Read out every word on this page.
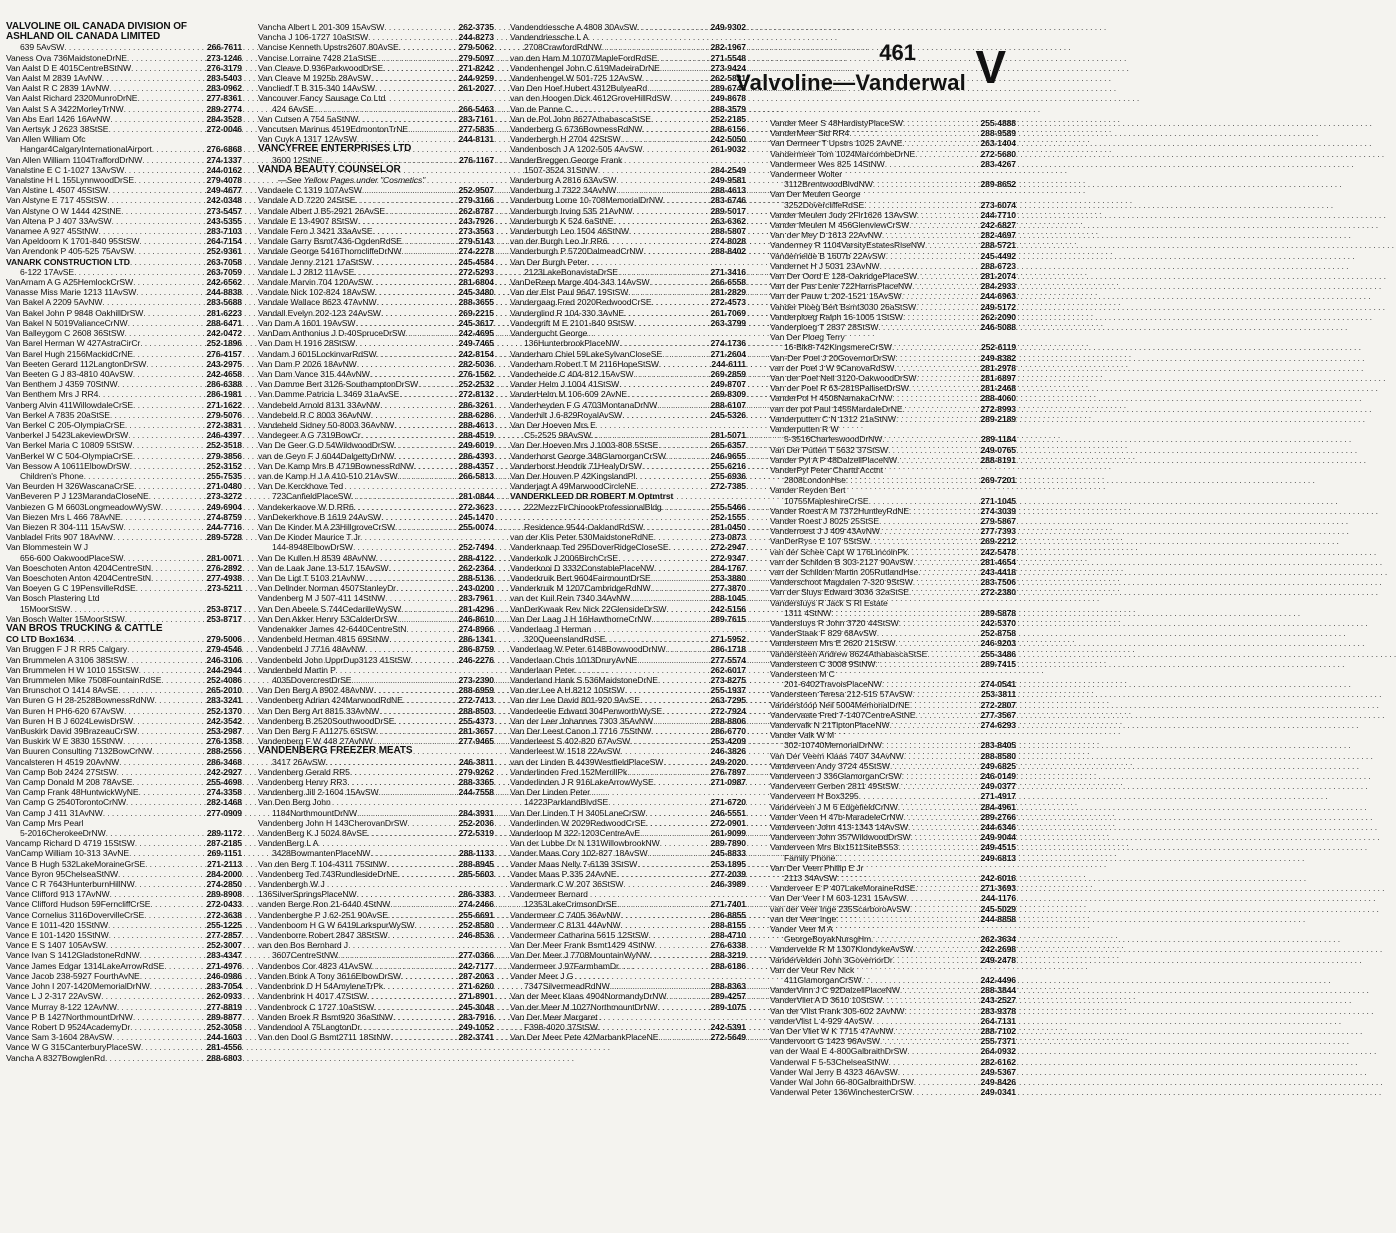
461
Valvoline—Vanderwal V
VALVOLINE OIL CANADA DIVISION OF
ASHLAND OIL CANADA LIMITED
639 5AvSW . . .	266-7611
Vaness Ova 736MaidstoneDrNE . . .	273-1246
Van Aalst D E 4015CentreBStNW . . .	276-3179
Van Aalst M 2839 1AvNW . . .	283-5403
Van Aalst R C 2839 1AvNW . . .	283-0962
Van Aalst Richard 2320MunroDrNE . . .	277-8361
Van Aalst S A 3422MorleyTrNW . . .	289-2774
Van Abs Earl 1426 16AvNW . . .	284-3528
Van Aertsyk J 2623 38StSE . . .	272-0046
Van Allen William Ofc
Hangar4CalgaryInternationalAirport . . .	276-6868
Van Allen William 1104TraffordDrNW . . .	274-1337
Vanalstine E C 1-1027 13AvSW . . .	244-0162
Vanalstine H L 155LynnwoodDrSE . . .	279-4078
Van Alstine L 4507 45StSW . . .	249-4677
Van Alstyne E 717 45StSW . . .	242-0348
Van Alstyne O W 1444 42StNE . . .	273-5457
Van Altena P J 407 33AvSW . . .	243-5355
Vanamee A 927 45StNW . . .	283-7103
Van Apeldoorn K 1701-840 95StSW . . .	264-7154
Van Arendonk P 405-525 75AvSW . . .	252-9361
VANARK CONSTRUCTION LTD . . .	263-7058
6-122 17AvSE . . .	263-7059
VanArnam A G A25HemlockCrSW . . .	242-6562
Vanasse Miss Marie 1213 11AvSW . . .	244-8838
Van Bakel A 2209 5AvNW . . .	283-5688
Van Bakel John P 9848 OakhillDrSW . . .	281-6223
Van Bakel N 5019ValianceCrNW . . .	288-6471
Van Balleygom C 2608 36StSW . . .	242-0472
Van Barel Herman W 427AstraCirCr . . .	252-1896
Van Barel Hugh 2156MackidCrNE . . .	276-4157
Van Beeten Gerard 112LangtonDrSW . . .	243-2975
Van Beeten G J 83-4810 40AvSW . . .	242-4658
Van Benthem J 4359 70StNW . . .	286-6388
Van Benthem Mrs J RR4 . . .	286-1981
Vanberg Alvin 411WillowdaleCrSE . . .	271-1622
Van Berkel A 7835 20aStSE . . .	279-5076
Van Berkel C 205-OlympiaCrSE . . .	272-3831
Vanberkel J 5423LakeviewDrSW . . .	246-4397
Van Berkel Maria C 10809 5StSW . . .	252-3518
VanBerkel W C 504-OlympiaCrSE . . .	279-3856
Van Bessow A 10611ElbowDrSW . . .	252-3152
Children's Phone . . .	255-7535
Van Beurden H 326WascanaCrSE . . .	271-0480
VanBeveren P J 123MarandaCloseNE . . .	273-3272
Vanbiezen G M 6603LongmeadowWySW . . .	249-6904
Van Biezen Mrs L 466 78AvNE . . .	274-8759
Van Biezen R 304-111 15AvSW . . .	244-7716
Vanbladel Frits 907 18AvNW . . .	289-5728
Van Blommestein W J
656-600 OakwoodPlaceSW . . .	281-0071
Van Boeschoten Anton 4204CentreStN . . .	276-2892
Van Boeschoten Anton 4204CentreStN . . .	277-4938
Van Boeyen G C 19PensvilleRdSE . . .	273-5211
Van Bosch Plastering Ltd
15MoorStSW . . .	253-8717
Van Bosch Walter 15MoorStSW . . .	253-8717
VAN BROS TRUCKING & CATTLE
CO LTD Box1634 . . .	279-5006
Van Bruggen F J R RR5 Calgary . . .	279-4546
Van Brummelen A 3106 38StSW . . .	246-3106
Van Brummelen H W 1010 15StSW . . .	244-2944
Van Brummelen Mike 7508FountainRdSE . . .	252-4086
Van Brunschot O 1414 8AvSE . . .	265-2010
Van Buren G H 28-2528BownessRdNW . . .	283-3241
Van Buren H PH6-620 67AvSW . . .	252-1370
Van Buren H B J 6024LewisDrSW . . .	242-3542
VanBuskirk David 39BrazeauCrSW . . .	253-2987
Van Buskirk W E 3830 15StNW . . .	276-1358
Van Buuren Consulting 7132BowCrNW . . .	288-2556
Vancalsteren H 4519 20AvNW . . .	286-3468
Van Camp Bob 2424 27StSW . . .	242-2927
Van Camp Donald M 208 78AvSE . . .	255-4698
Van Camp Frank 48HuntwickWyNE . . .	274-3358
Van Camp G 2540TorontoCrNW . . .	282-1468
Van Camp J 411 31AvNW . . .	277-0909
Van Camp Mrs Pearl
5-2016CherokeeDrNW . . .	289-1172
Vancamp Richard D 4719 15StSW . . .	287-2185
VanCamp William 10-313 3AvNE . . .	269-1151
Vance B Hugh 532LakeMoraineGrSE . . .	271-2113
Vance Byron 95ChelseaStNW . . .	284-2000
Vance C R 7643HunterburnHillNW . . .	274-2850
Vance Clifford 913 17AvNW . . .	289-8908
Vance Clifford Hudson 59FerncliffCrSE . . .	272-0433
Vance Cornelius 3116DovervilleCrSE . . .	272-3638
Vance E 1011-420 15StNW . . .	255-1225
Vance E 101-1420 15StNW . . .	277-2857
Vance E S 1407 105AvSW . . .	252-3007
Vance Ivan S 1412GladstoneRdNW . . .	283-4347
Vance James Edgar 1314LakeArrowRdSE . . .	271-4976
Vance Jacob 238-5927 FourthAvNE . . .	246-0986
Vance John I 207-1420MemorialDrNW . . .	283-7054
Vance L J 2-317 22AvSW . . .	262-0933
Vance Murray 8-122 12AvNW . . .	277-8819
Vance P B 1427NorthmountDrNW . . .	289-8877
Vance Robert D 9524AcademyDr . . .	252-3058
Vance Sam 3-1604 28AvSW . . .	244-1603
Vance W G 315CanterburyPlaceSW . . .	281-4556
Vancha A 8327BowglenRd . . .	288-6803
Vancha Albert L 201-309 15AvSW . . .	262-3735
Vancha J 106-1727 10aStSW . . .	244-8273
Vancise Kenneth Upstrs2607 80AvSE . . .	279-5062
Vancise Lorraine 7428 21aStSE . . .	279-5097
Van Cleave D 936ParkwoodDrSE . . .	271-8242
Van Cleave M 1925b 28AvSW . . .	244-9259
Vancliedf T B 315-340 14AvSW . . .	261-2027
Vancouver Fancy Sausage Co Ltd
424 6AvSE . . .	266-5463
Van Cutsen A 754 5aStNW . . .	283-7161
Vancutsen Marinus 4519EdmontonTrNE . . .	277-5835
Van Cuyk A 1317 12AvSW . . .	244-8131
VANCYFREE ENTERPRISES LTD
3600 12StNE . . .	276-1167
VANDA BEAUTY COUNSELOR
—See Yellow Pages under "Cosmetics"
Vandaele C 1319 107AvSW . . .	252-9507
Vandale A D 7220 24StSE . . .	279-3166
Vandale Albert J B5-2921 26AvSE . . .	262-8787
Vandale E 13-4907 8StSW . . .	243-7926
Vandale Fern J 3421 33aAvSE . . .	273-3563
Vandale Garry Bsmt7436-OgdenRdSE . . .	279-5143
Vandale George 5416ThorncliffeDrNW . . .	274-2278
Vandale Jenny 2121 17aStSW . . .	245-4584
Vandale L J 2812 11AvSE . . .	272-5293
Vandale Marvin 704 120AvSW . . .	281-6804
Vandale Nick 102-824 18AvSW . . .	245-3480
Vandale Wallace 8623 47AvNW . . .	288-3655
Vandall Evelyn 202-123 24AvSW . . .	269-2215
Van Dam A 1601 19AvSW . . .	245-3617
VanDam Anthonius J D-40SpruceDrSW . . .	242-4695
Van Dam H 1916 28StSW . . .	249-7465
Vandam J 6015LockinvarRdSW . . .	242-8154
Van Dam P 2026 18AvNW . . .	282-5036
Van Dam Vance 315 44AvNW . . .	276-1562
Van Damme Bert 3126-SouthamptonDrSW . . .	252-2532
Van Damme Patricia L 3469 31aAvSE . . .	272-8132
Vandebeld Arnold 8131 33AvNW . . .	286-3261
Vandebeld R C 8003 36AvNW . . .	288-6286
Vandebeld Sidney 50-8003 36AvNW . . .	288-4613
Vandegeer A G 7319BowCr . . .	288-4519
Van De Geer G D 54WildwoodDrSW . . .	249-6019
van de Geyn F J 6044DalgettyDrNW . . .	286-4393
Van De Kamp Mrs B 4719BownessRdNW . . .	288-4357
van de Kamp H J A 410-510 21AvSW . . .	266-5813
Van De Kerckhove Ted
723CanfieldPlaceSW . . .	281-0844
Vandekerkaove W D RR6 . . .	272-3623
VanDekerkhove B 1619 24AvSW . . .	245-1470
Van De Kinder M A 23HillgroveCrSW . . .	255-0074
Van De Kinder Maurice T Jr
144-8948ElbowDrSW . . .	252-7494
Van De Kullen H 8539 48AvNW . . .	288-4122
Van de Laak Jane 13-517 15AvSW . . .	262-2364
Van De Ligt T 5103 21AvNW . . .	288-5136
Van Dellnder Norman 4507StanleyDr . . .	243-0200
Vandenberg M J 507-411 14StNW . . .	283-7961
Van Den Abeele S 744CedarilleWySW . . .	281-4296
Van Den Akker Henry 53CalderDrSW . . .	246-8610
Vandenakker James 42-6440CentreStN . . .	274-8966
Vandenbeld Herman 4815 69StNW . . .	286-1341
Vandenbeld J 7716 48AvNW . . .	286-8759
Vandenbeld John UpprDup3123 41StSW . . .	246-2276
Vandenbeld Martin P
4035DovercrestDrSE . . .	273-2390
Van Den Berg A 8902 48AvNW . . .	288-6959
Vandenberg Adrian 424MarwoodRdNE . . .	272-7413
Van Den Berg Art 8815 33AvNW . . .	288-8503
Vandenberg B 2520SouthwoodDrSE . . .	255-4373
Van Den Berg F A11275 6StSW . . .	281-3657
Vandenberg F W 448 27AvNW . . .	277-9465
VANDENBERG FREEZER MEATS
3417 26AvSW . . .	246-3811
Vandenberg Gerald RR5 . . .	279-9262
Vandenberg Henry RR3 . . .	288-3365
Vandenberg Jill 2-1604 15AvSW . . .	244-7558
Van Den Berg John
1184NorthmountDrNW . . .	284-3931
Vandenberg John H 143CherovanDrSW . . .	252-2036
VandenBerg K J 5024 8AvSE . . .	272-5319
VandenBerg L A
3428BowmantenPlaceNW . . .	288-1133
Van den Berg T 104-4311 75StNW . . .	288-8945
Vandenberg Ted 743RundlesideDrNE . . .	285-5603
Vandenbergh W J
136SilverSpringsPlaceNW . . .	286-3383
vanden Berge Ron 21-6440 4StNW . . .	274-2466
Vandenberghe P J 62-251 90AvSE . . .	255-6691
Vandenboom H G W 6419LarkspurWySW . . .	252-8580
Vandenborre Robert 2847 38StSW . . .	246-8536
van den Bos Bernhard J
3607CentreStNW . . .	277-0366
Vandenbos Cor 4823 41AvSW . . .	242-7177
Vanden Brink A Tony 3616ElbowDrSW . . .	287-2063
Vandenbrink D H 54AmyleneTrPk . . .	271-6260
Vandenbrink H 4017 47StSW . . .	271-8901
Vandenbrock C 1727 10aStSW . . .	245-3048
Vanden Broek R Bsmt920 36aStNW . . .	283-7916
Vandendool A 75LangtonDr . . .	249-1052
Van den Dool G Bsmt2711 18StNW . . .	282-3741
Vandendriessche A 4808 30AvSW . . .	249-9302
Vandendriessche L A
2708CrawfordRdNW . . .	282-1967
van den Ham M 10707MapleFordRdSE . . .	271-5548
Vandenhengel John C 619MadeiraDrNE . . .	273-9424
Vandenhengel W 501-725 12AvSW . . .	262-5821
Van Den Hoef Hubert 4312BulyeaRd . . .	289-6746
van den Hoogen Dick 4612GroveHillRdSW . . .	249-8678
Van de Panne C . . .	288-3579
Van de Pol John 8627AthabascaStSE . . .	252-2185
Vanderberg G 6736BownessRdNW . . .	288-6156
Vanderbergh H 2704 42StSW . . .	242-5050
Vandenbosch J A 1202-505 4AvSW . . .	261-9032
VanderBreggen George Frank
1507-3524 31StNW . . .	284-2549
Vanderburg A 2816 63AvSW . . .	249-9581
Vanderburg J 7322 34AvNW . . .	288-4613
Vanderburg Lorne 10-708MemorialDrNW . . .	283-6746
Vanderburgh Irving 535 21AvNW . . .	289-5017
Vanderburgh K 524 6aStNE . . .	263-6362
Vanderburgh Leo 1504 46StNW . . .	288-5807
van der Burgh Leo Jr RR6 . . .	274-8028
Vanderburgh P 5720DalmeadCrNW . . .	288-8402
Van Der Burgh Peter
2123LakeBonavistaDrSE . . .	271-3416
VanDeReep Marge 404-343 14AvSW . . .	266-6558
Van der Elst Paul 9647 19StSW . . .	281-2829
Vandergaag Fred 2020RedwoodCrSE . . .	272-4573
Vanderglind R 104-330 3AvNE . . .	261-7069
Vandergrift M E 2101-840 9StSW . . .	263-3799
Vandergucht George
136HunterbrookPlaceNW . . .	274-1736
Vanderham Chiel 59LakeSylvanCloseSE . . .	271-2604
Vanderham Robert T M 2116HopeStSW . . .	244-6111
Vanderheide C 404-812 15AvSW . . .	269-2859
Vander Helm J 1004 41StSW . . .	249-8707
VanderHelm M 106-609 2AvNE . . .	269-8309
Vanderheyden F G 4703MontanaDrNW . . .	288-6107
Vanderhilt J 6-829RoyalAvSW . . .	245-5326
Van Der Hoeven Mrs E
C5-2525 98AvSW . . .	281-5071
Van Der Hoeven Mrs J 1003-808 5StSE . . .	265-6357
Vanderhorst George 348GlamorganCrSW . . .	246-9655
Vanderhorst Hendrik 71HealyDrSW . . .	255-6216
Van Der Houven P 42KingslandPl . . .	255-6936
Vanderjagt A 49MarwoodCircleNE . . .	272-7385
VANDERKLEED DR ROBERT M Optmtrst
222MezzFlrChinookProfessionalBldg . . .	255-5466
252-1555
Residence 9544-OaklandRdSW . . .	281-0450
van der Klis Peter 530MaidstoneRdNE . . .	273-0873
Vanderknaap Ted 295DoverRidgeCloseSE . . .	272-2947
Vanderkolk J 2006BirchCrSE . . .	272-9347
Vanderkooi D 3332ConstablePlaceNW . . .	284-1767
Vanderkruik Bert 9604FairmountDrSE . . .	253-3880
Vanderkruik M 1207CambridgeRdNW . . .	277-3870
van der Kuil Rein 7340 34AvNW . . .	288-1045
VanDerKwaak Rev Nick 22GlensideDrSW . . .	242-5156
Van Der Laag J H 16HawthorneCrNW . . .	289-7615
Vanderlaag J Herman
320QueenslandRdSE . . .	271-5952
Vanderlaag W Peter 6148BowwoodDrNW . . .	286-1718
Vanderlaan Chris 1013DruryAvNE . . .	277-5574
Vanderlaan Peter . . .	262-6017
Vanderland Hank S 536MaidstoneDrNE . . .	273-8275
Van der Lee A H 8212 10StSW . . .	255-1937
Van der Lee David 801-920 9AvSE . . .	263-7295
Vanderleelie Edward 304PenworthWySE . . .	272-7924
Van der Leer Johannes 7303 35AvNW . . .	288-8806
Van Der Leest Canon J 7716 75StNW . . .	286-6770
Vanderleest S 402-820 67AvSW . . .	253-4209
Vanderleest W 1518 22AvSW . . .	246-3826
van der Linden B 4439WestfieldPlaceSW . . .	249-2020
Vanderlinden Fred 152MerrillPk . . .	276-7897
Vanderlinden J R 916LakeArrowWySE . . .	271-0987
Van Der Linden Peter
14223ParklandBlvdSE . . .	271-6720
Van Der Linden T H 3405LaneCrSW . . .	246-5551
Vanderlinden W 2029RedwoodCrSE . . .	272-0901
Vanderloop M 322-1203CentreAvE . . .	261-9099
Van der Lubbe Dr N 131WillowbrookNW . . .	289-7890
Vander Maas Cory 102-827 18AvSW . . .	245-8833
Vander Maas Nelly 7-6139 3StSW . . .	253-1895
Vander Maas P 335 24AvNE . . .	277-2039
Vandermark C W 207 36StSW . . .	246-3989
Vandermeer Bernard
12353LakeCrimsonDrSE . . .	271-7401
Vandermeer C 7405 36AvNW . . .	286-8855
Vandermeer C 8131 44AvNW . . .	288-8155
Vandermeer Catharina 5615 12StSW . . .	288-4710
Van Der Meer Frank Bsmt1429 4StNW . . .	276-6338
Van Der Meer J 7708MountainWyNW . . .	288-3219
Vandermeer J 97FarmhamDr . . .	288-6186
Vander Meer J G
7347SilvermeadRdNW . . .	288-8363
Van der Meer Klaas 4904NormandyDrNW . . .	289-4257
Van der Meer M 1027NorthmountDrNW . . .	289-1075
Van Der Meer Margaret
F398-4020 37StSW . . .	242-5391
Van Der Meer Pete 42MarbankPlaceNE . . .	272-5649
Vander Meer S 48HardistyPlaceSW . . .	255-4888
VanderMeer Sid RR4 . . .	288-9589
Van Dermeer T Upstrs 1025 2AvNE . . .	263-1404
Vandermeer Tom 1024MarcombeDrNE . . .	272-5680
Vandermeer Wes 825 14StNW . . .	283-4267
Vandermeer Wolter
3112BrentwoodBlvdNW . . .	289-8652
Van Der Meulen George
3252DovercliffeRdSE . . .	273-6074
Vander Meulen Judy 2Flr1626 13AvSW . . .	244-7710
Vander Meulen M 456GlenviewCrSW . . .	242-6827
Van der Mey D 1613 22AvNW . . .	282-4697
Vandermey R 1104VarsityEstatesRiseNW . . .	288-5721
Vandernelde B 1607b 22AvSW . . .	245-4492
Vandernet H J 5031 23AvNW . . .	288-6723
Van Der Oord E 128-OakridgePlaceSW . . .	281-2074
Van der Pas Lenie 722HarrisPlaceNW . . .	284-2933
Van der Pauw L 202-1521 15AvSW . . .	244-6963
Vander Ploeg Bert Bsmt3030 26aStSW . . .	249-5172
Vanderploeg Ralph 16-1005 1StSW . . .	262-2090
Vanderploeg T 2837 28StSW . . .	246-5088
Van Der Ploeg Terry
16-Blk8-742KingsmereCrSW . . .	252-6119
Van-Der Poel J 20GovernorDrSW . . .	249-8382
van der Poel J W 9CanovaRdSW . . .	281-2978
Van der Poel Neil 3120-OakwoodDrSW . . .	281-6897
Van der Poel R 63-2815PallisetDrSW . . .	281-2468
VanderPol H 4508NamakaCrNW . . .	288-4060
van der pol Paul 1455MardaleDrNE . . .	272-8993
Vanderputten C N 1312 21aStNW . . .	289-2189
Vanderputten R W
5-3516CharleswoodDrNW . . .	289-1184
Van Der Putten T 5632 37StSW . . .	249-0765
Vander Pyl A P 48DalzellPlaceNW . . .	288-8191
VanderPyl Peter Chartd Acctnt
2808LondonHse . . .	269-7201
Vander Reyden Bert
10755MapleshireCrSE . . .	271-1045
Vander Roest A M 7372HuntleyRdNE . . .	274-3039
Vander Roest J 8025 25StSE . . .	279-5867
Vanderroest J J 409 43AvNW . . .	277-7393
VanDerRyse E 107 5StSW . . .	269-2212
van der Schee Capt W 176LincolnPk . . .	242-5478
van der Schilden B 303-2127 90AvSW . . .	281-4654
van der Schilden Martin 205RutlandHse . . .	243-4418
Vanderschoot Magdalen 7-320 9StSW . . .	283-7506
Van der Sluys Edward 3036 32aStSE . . .	272-2380
Vandersluys R Jack S Rl Estate
1311 4StNW . . .	289-5878
Vandersluys R John 3720 44StSW . . .	242-5370
VanderStaak F 829 68AvSW . . .	252-8758
Vandersteen Mrs E 2620 21StSW . . .	246-9203
Vandersteen Andrew 8624AthabascaStSE . . .	255-3486
Vandersteen C 3008 9StNW . . .	289-7415
Vandersteen M C
201-6402TravoisPlaceNW . . .	274-0541
Vandersteen Teresa 212-515 57AvSW . . .	253-3811
Vanderstoop Neil 5004MemorialDrNE . . .	272-2807
Vandervaate Fred 7-1407CentreAStNE . . .	277-3567
Vandervalk N 21TiptonPlaceNW . . .	274-6293
Vander Valk W M
302-10740MemorialDrNW . . .	283-8405
Van Der Veem Klaas 7407 34AvNW . . .	288-8580
Vanderveen Andy 3724 45StSW . . .	249-6825
Vanderveen J 336GlamorganCrSW . . .	246-0149
Vanderveen Gerben 2811 49StSW . . .	249-0377
Vanderveen H Box3295 . . .	271-4917
Vanderveen J M 6 EdgefieldCrNW . . .	284-4961
Vander Veen H 47b-MaradeleCrNW . . .	289-2766
Vanderveen John 413-1343 14AvSW . . .	244-6346
Vanderveen John 357WildwoodDrSW . . .	249-9044
Vanderveen Mrs Bix1511SiteBS53 . . .	249-4515
Family Phone . . .	249-6813
Van Der Veen Phillip E Jr
2113 34AvSW . . .	242-6016
Vanderveer E P 407LakeMoraineRdSE . . .	271-3693
Van Der Veer I M 603-1231 15AvSW . . .	244-1176
van der Veer Inge 235ScarboroAvSW . . .	245-5029
van der Veer Inge . . .	244-8858
Vander Veer M A
GeorgeBoyakNursgHm . . .	262-3634
Vandervelde R M 1307KlondykeAvSW . . .	242-2698
Vandervelden John 3GovernorDr . . .	249-2478
Van der Veur Rev Nick
411GlamorganCrSW . . .	242-4496
VanderVinn J C 92DalzellPlaceNW . . .	288-3844
VanderVliet A D 3610 10StSW . . .	243-2527
Van der Vlist Frank 305-602 2AvNW . . .	283-9378
vanderVlist L 4-929 4AvSW . . .	264-7131
Van Der Vliet W K 7715 47AvNW . . .	288-7102
Vandervoort G 1423 96AvSW . . .	255-7371
van der Waal E 4-800GalbraithDrSW . . .	264-0932
Vanderwal F 5-53ChelseaStNW . . .	282-6162
Vander Wal Jerry B 4323 46AvSW . . .	249-5367
Vander Wal John 66-80GalbraithDrSW . . .	249-8426
Vanderwal Peter 136WinchesterCrSW . . .	249-0341
